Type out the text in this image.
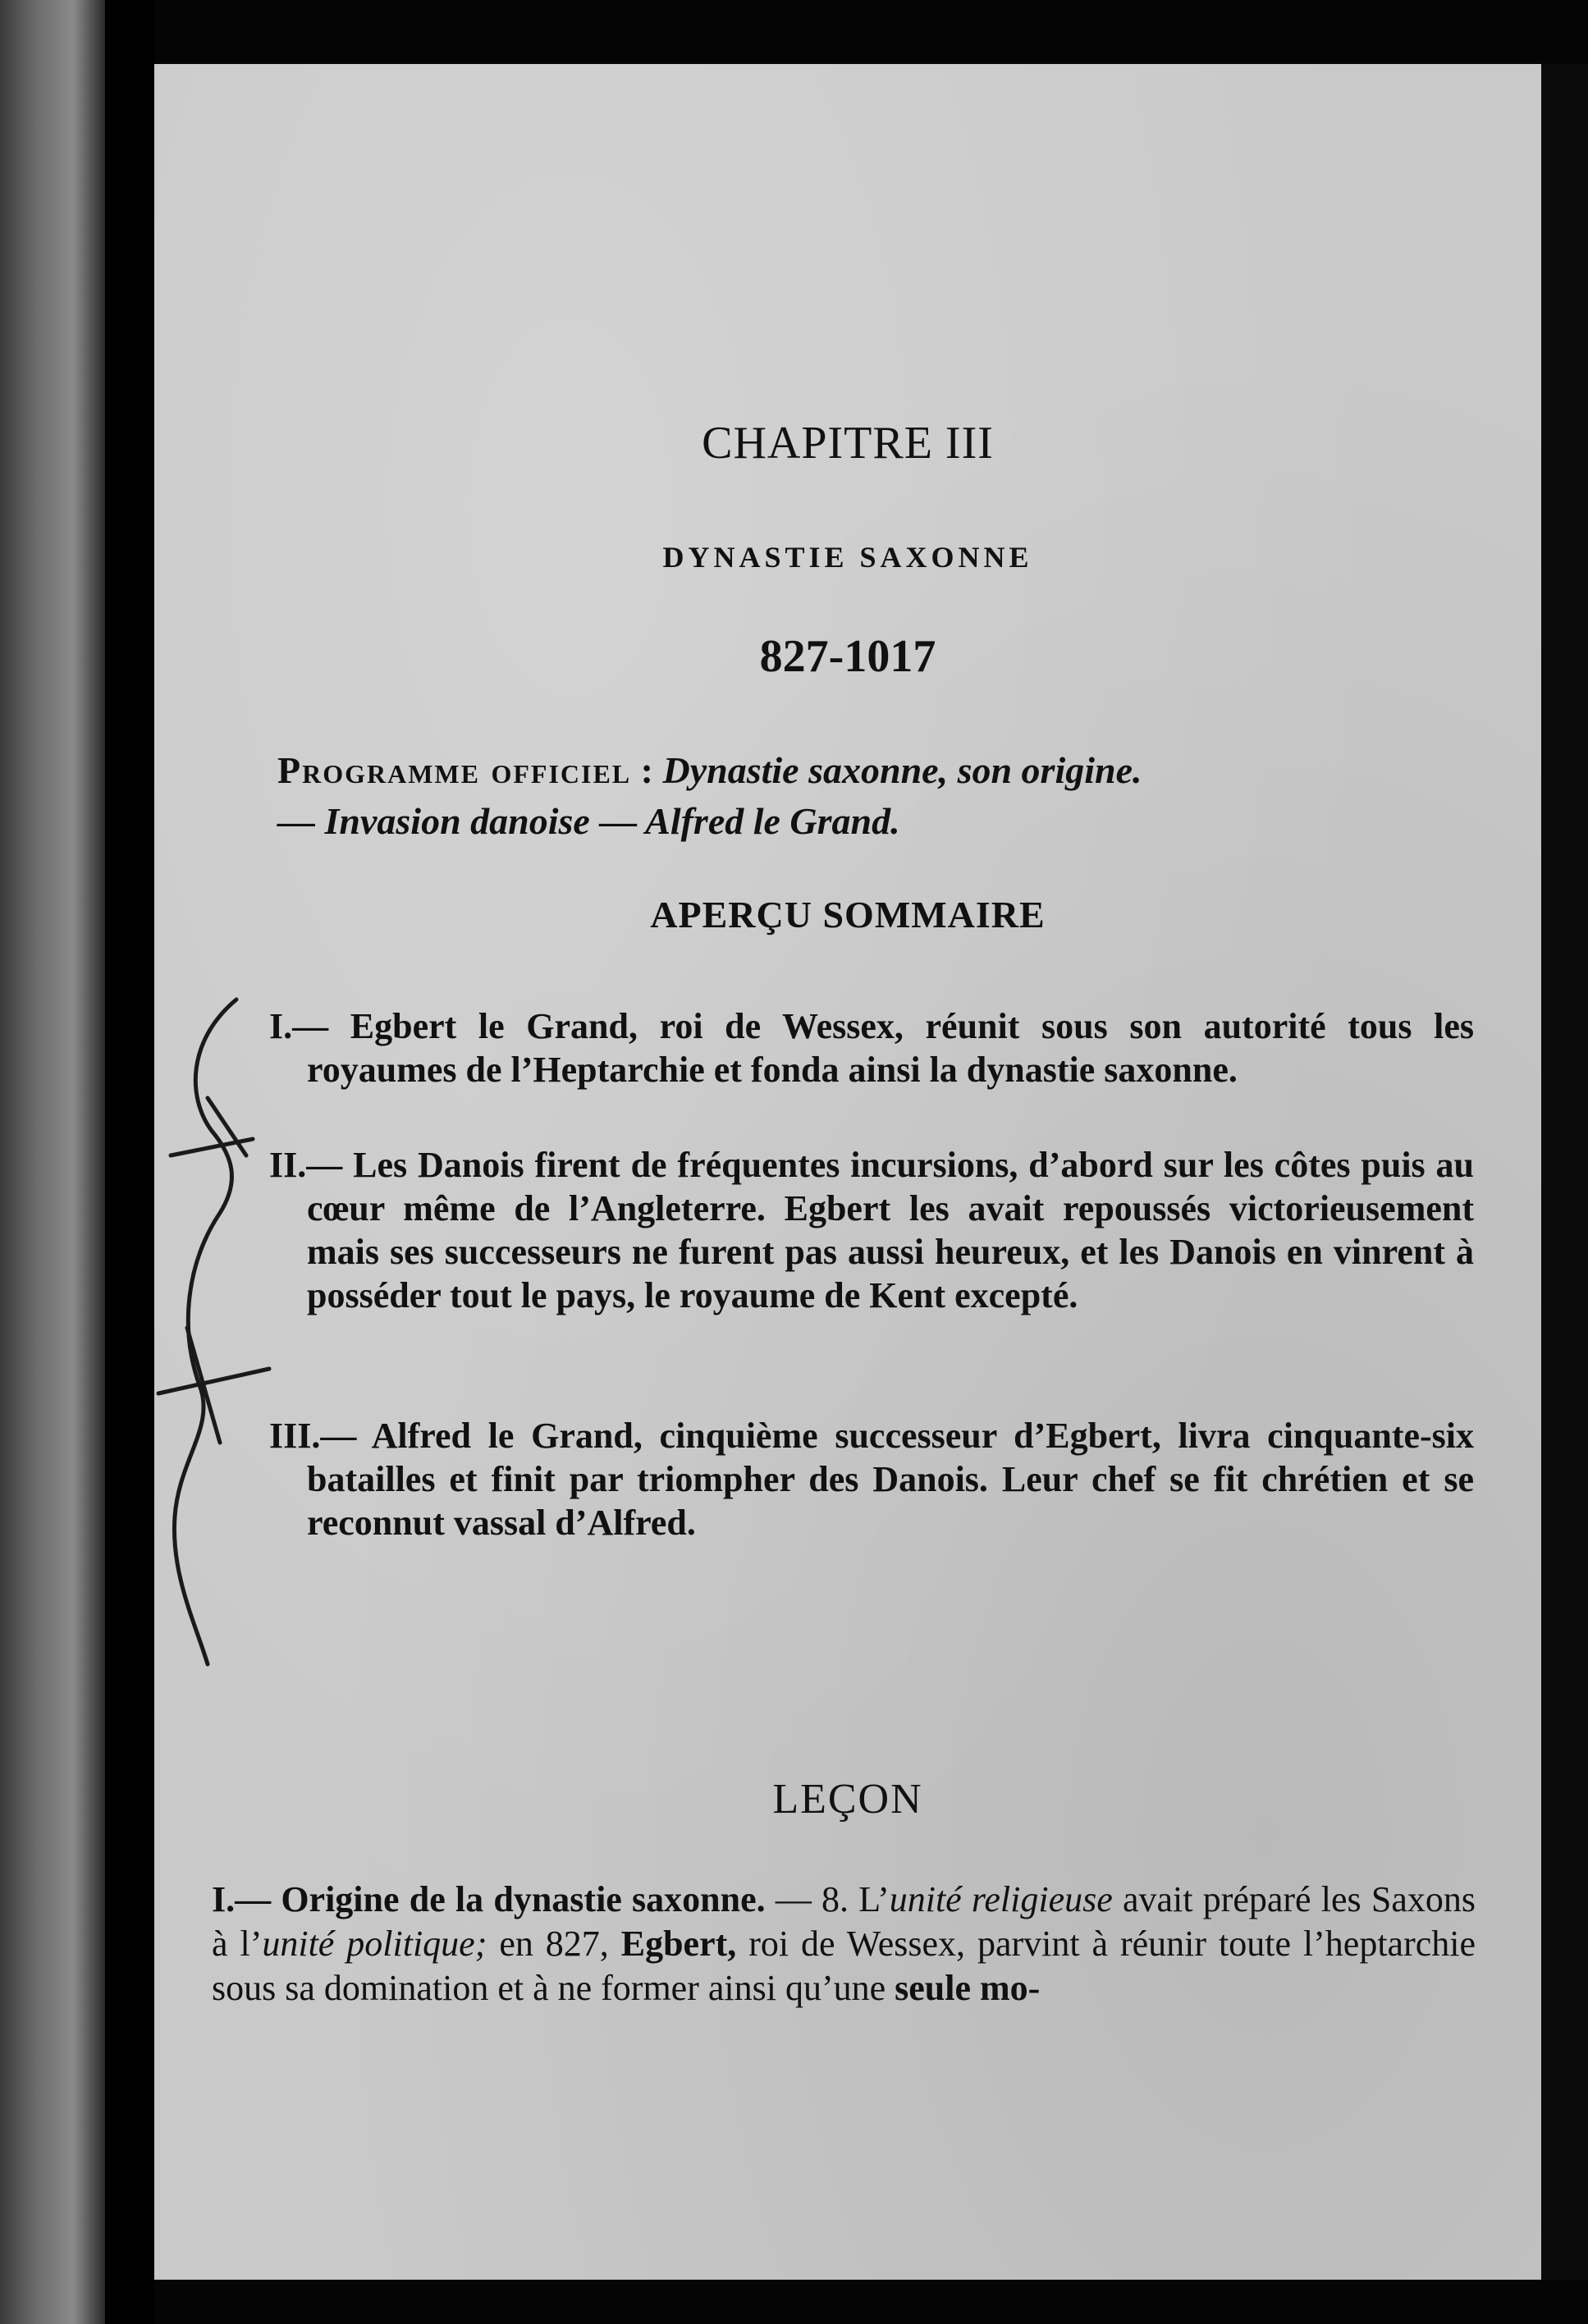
CHAPITRE III
DYNASTIE SAXONNE
827-1017

Programme officiel : Dynastie saxonne, son origine.
— Invasion danoise — Alfred le Grand.

APERÇU SOMMAIRE

I.— Egbert le Grand, roi de Wessex, réunit sous son autorité tous les royaumes de l’Heptarchie et fonda ainsi la dynastie saxonne.

II.— Les Danois firent de fréquentes incursions, d’abord sur les côtes puis au cœur même de l’Angleterre. Egbert les avait repoussés victorieusement mais ses successeurs ne furent pas aussi heureux, et les Danois en vinrent à posséder tout le pays, le royaume de Kent excepté.

III.— Alfred le Grand, cinquième successeur d’Egbert, livra cinquante-six batailles et finit par triompher des Danois. Leur chef se fit chrétien et se reconnut vassal d’Alfred.

LEÇON

I.— Origine de la dynastie saxonne. — 8. L’unité religieuse avait préparé les Saxons à l’unité politique; en 827, Egbert, roi de Wessex, parvint à réunir toute l’heptarchie sous sa domination et à ne former ainsi qu’une seule mo-
